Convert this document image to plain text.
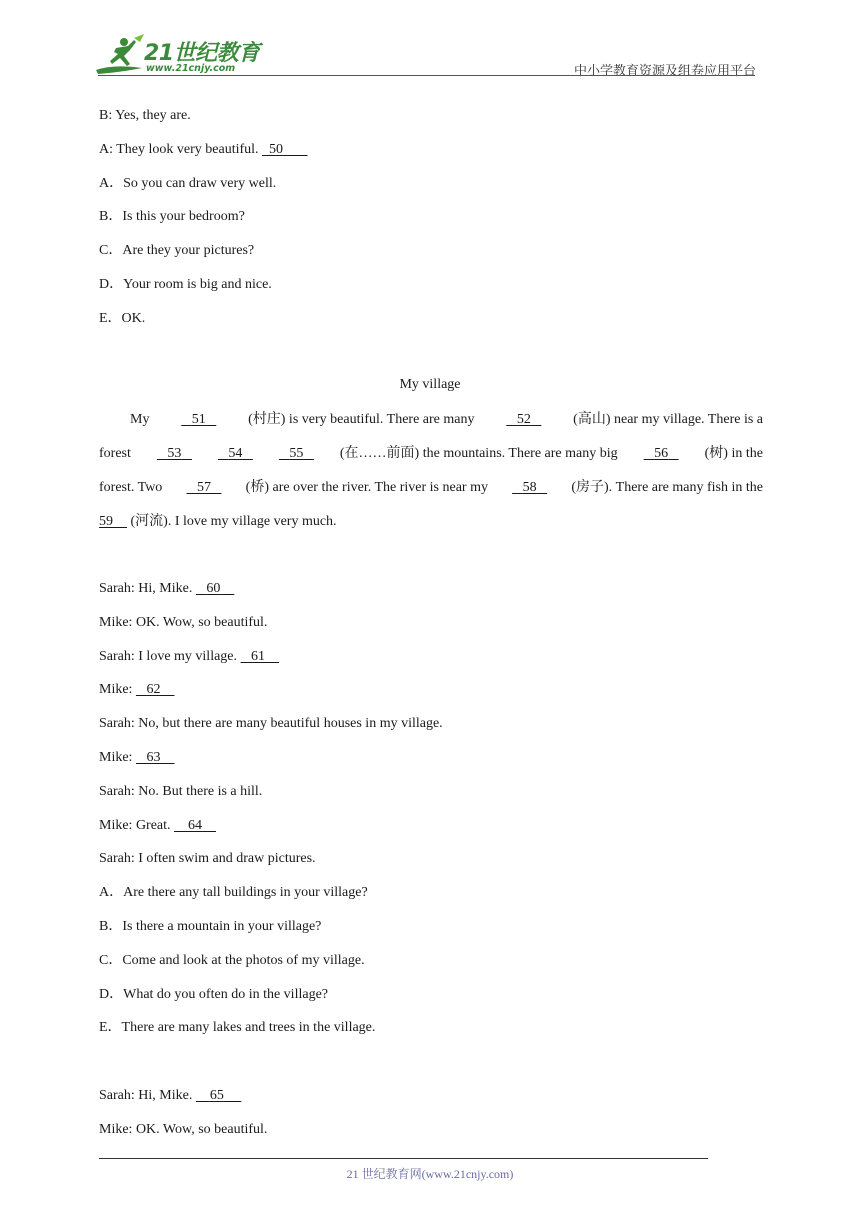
21世纪教育
www.21cnjy.com	中小学教育资源及组卷应用平台
B: Yes, they are.
A: They look very beautiful. 50
A．So you can draw very well.
B．Is this your bedroom?
C．Are they your pictures?
D．Your room is big and nice.
E．OK.
My village
My	51	(村庄) is very beautiful. There are many	52	(高山) near my village. There is a
forest	53	54	55	(在……前面) the mountains. There are many big	56	(树) in the
forest. Two	57	(桥) are over the river. The river is near my	58	(房子). There are many fish in the
59 (河流). I love my village very much.
Sarah: Hi, Mike. 60
Mike: OK. Wow, so beautiful.
Sarah: I love my village. 61
Mike: 62
Sarah: No, but there are many beautiful houses in my village.
Mike: 63
Sarah: No. But there is a hill.
Mike: Great. 64
Sarah: I often swim and draw pictures.
A．Are there any tall buildings in your village?
B．Is there a mountain in your village?
C．Come and look at the photos of my village.
D．What do you often do in the village?
E．There are many lakes and trees in the village.
Sarah: Hi, Mike. 65
Mike: OK. Wow, so beautiful.
21 世纪教育网(www.21cnjy.com)
